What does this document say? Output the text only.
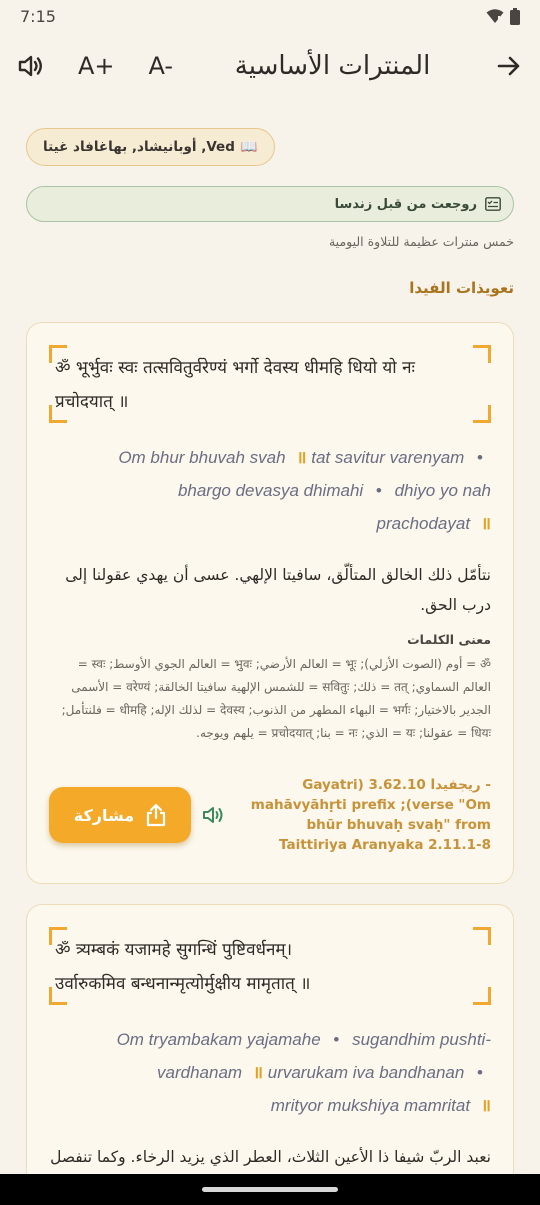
7:15
A+ A-	المنترات الأساسية
📖
Ved, أوبانيشاد, بهاغافاد غيتا
روجعت من قبل زندسا
خمس منترات عظيمة للتلاوة اليومية
تعويذات الفيدا
ॐ भूर्भुवः स्वः तत्सवितुर्वरेण्यं भर्गो देवस्य धीमहि धियो यो नः
प्रचोदयात् ॥
Om bhur bhuvah svah ॥ tat savitur varenyam •
bhargo devasya dhimahi • dhiyo yo nah
prachodayat ॥
نتأمّل ذلك الخالق المتألّق، سافيتا الإلهي. عسى أن يهدي عقولنا إلى درب الحق.
معنى الكلمات
ॐ = أوم (الصوت الأزلي); भूः = العالم الأرضي; भुवः = العالم الجوي الأوسط; स्वः = العالم السماوي; तत् = ذلك; सवितुः = للشمس الإلهية سافيتا الخالقة; वरेण्यं = الأسمى الجدير بالاختيار; भर्गः = البهاء المطهر من الذنوب; देवस्य = لذلك الإله; धीमहि = فلنتأمل; धियः = عقولنا; यः = الذي; नः = بنا; प्रचोदयात् = يلهم ويوجه.
مشاركة
Gayatri) 3.62.10 ريجفيدا - mahāvyāhṛti prefix ;(verse "Om bhūr bhuvaḥ svaḥ" from Taittiriya Aranyaka 2.11.1-8
ॐ त्र्यम्बकं यजामहे सुगन्धिं पुष्टिवर्धनम्।
उर्वारुकमिव बन्धनान्मृत्योर्मुक्षीय मामृतात् ॥
Om tryambakam yajamahe • sugandhim pushti-
vardhanam ॥ urvarukam iva bandhanan •
mrityor mukshiya mamritat ॥
نعبد الربّ شيفا ذا الأعين الثلاث، العطر الذي يزيد الرخاء. وكما تنفصل
